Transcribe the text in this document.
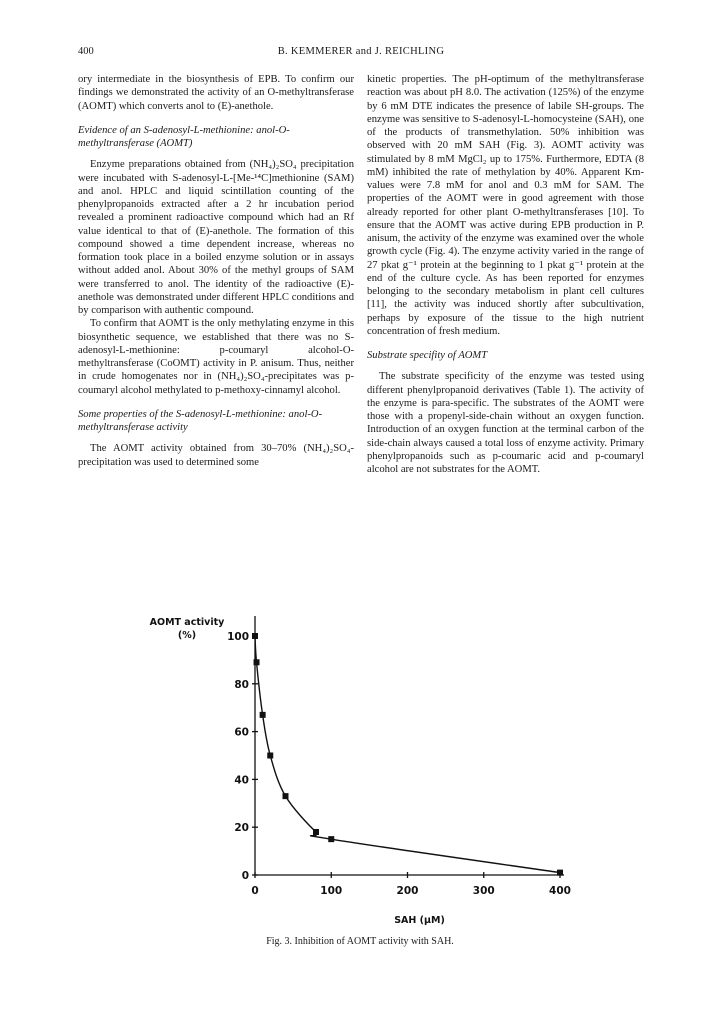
400	B. KEMMERER and J. REICHLING

ory intermediate in the biosynthesis of EPB. To confirm our findings we demonstrated the activity of an O-methyltransferase (AOMT) which converts anol to (E)-anethole.

Evidence of an S-adenosyl-L-methionine: anol-O-methyltransferase (AOMT)

Enzyme preparations obtained from (NH₄)₂SO₄ precipitation were incubated with S-adenosyl-L-[Me-¹⁴C]methionine (SAM) and anol. HPLC and liquid scintillation counting of the phenylpropanoids extracted after a 2 hr incubation period revealed a prominent radioactive compound which had an Rf value identical to that of (E)-anethole. The formation of this compound showed a time dependent increase, whereas no formation took place in a boiled enzyme solution or in assays without added anol. About 30% of the methyl groups of SAM were transferred to anol. The identity of the radioactive (E)-anethole was demonstrated under different HPLC conditions and by comparison with authentic compound.

To confirm that AOMT is the only methylating enzyme in this biosynthetic sequence, we established that there was no S-adenosyl-L-methionine: p-coumaryl alcohol-O-methyltransferase (CoOMT) activity in P. anisum. Thus, neither in crude homogenates nor in (NH₄)₂SO₄-precipitates was p-coumaryl alcohol methylated to p-methoxy-cinnamyl alcohol.

Some properties of the S-adenosyl-L-methionine: anol-O-methyltransferase activity

The AOMT activity obtained from 30–70% (NH₄)₂SO₄-precipitation was used to determined some

kinetic properties. The pH-optimum of the methyltransferase reaction was about pH 8.0. The activation (125%) of the enzyme by 6 mM DTE indicates the presence of labile SH-groups. The enzyme was sensitive to S-adenosyl-L-homocysteine (SAH), one of the products of transmethylation. 50% inhibition was observed with 20 mM SAH (Fig. 3). AOMT activity was stimulated by 8 mM MgCl₂ up to 175%. Furthermore, EDTA (8 mM) inhibited the rate of methylation by 40%. Apparent Km-values were 7.8 mM for anol and 0.3 mM for SAM. The properties of the AOMT were in good agreement with those already reported for other plant O-methyltransferases [10]. To ensure that the AOMT was active during EPB production in P. anisum, the activity of the enzyme was examined over the whole growth cycle (Fig. 4). The enzyme activity varied in the range of 27 pkat g⁻¹ protein at the beginning to 1 pkat g⁻¹ protein at the end of the culture cycle. As has been reported for enzymes belonging to the secondary metabolism in plant cell cultures [11], the activity was induced shortly after subcultivation, perhaps by exposure of the tissue to the high nutrient concentration of fresh medium.

Substrate specifity of AOMT

The substrate specificity of the enzyme was tested using different phenylpropanoid derivatives (Table 1). The activity of the enzyme is para-specific. The substrates of the AOMT were those with a propenyl-side-chain without an oxygen function. Introduction of an oxygen function at the terminal carbon of the side-chain always caused a total loss of enzyme activity. Primary phenylpropanoids such as p-coumaric acid and p-coumaryl alcohol are not substrates for the AOMT.

0
20
40
60
80
100
0	100	200	300	400
AOMT activity
(%)
SAH (µM)
Fig. 3. Inhibition of AOMT activity with SAH.
